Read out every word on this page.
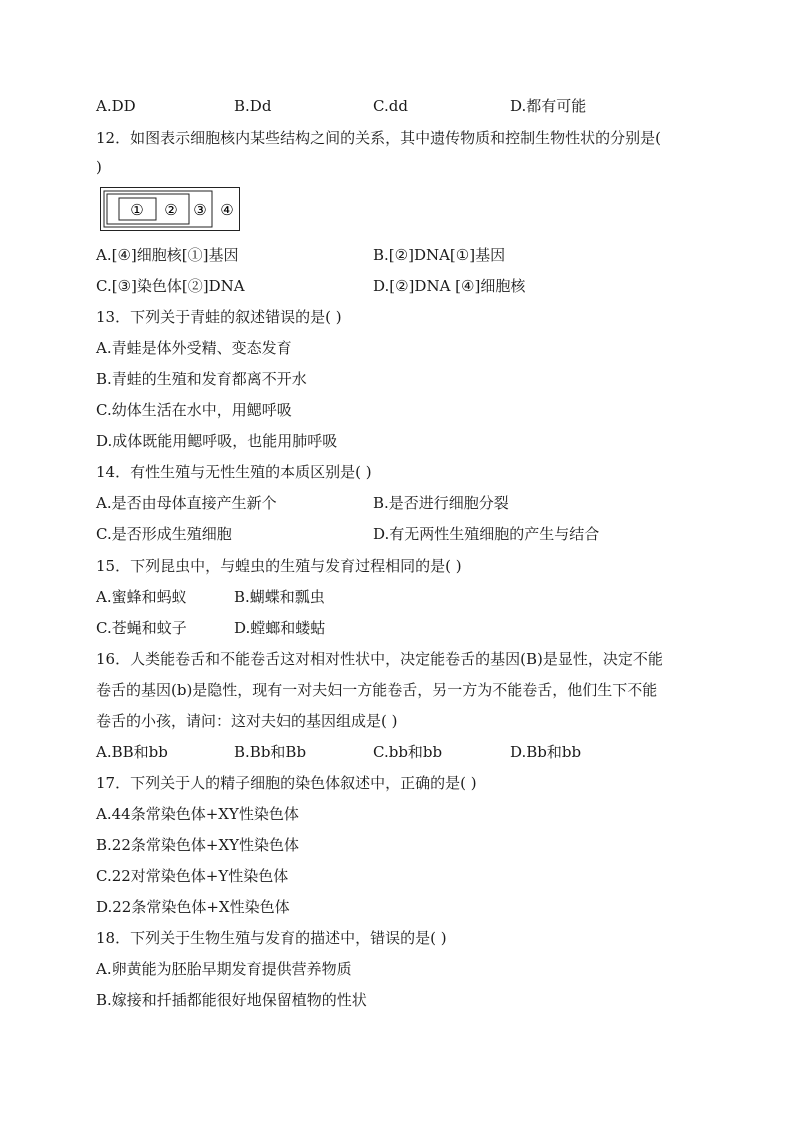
A.DD	B.Dd	C.dd	D.都有可能
12．如图表示细胞核内某些结构之间的关系，其中遗传物质和控制生物性状的分别是(
)
① ② ③ ④
A.[④]细胞核[①]基因	B.[②]DNA[①]基因
C.[③]染色体[②]DNA	D.[②]DNA [④]细胞核
13．下列关于青蛙的叙述错误的是( )
A.青蛙是体外受精、变态发育
B.青蛙的生殖和发育都离不开水
C.幼体生活在水中，用鳃呼吸
D.成体既能用鳃呼吸，也能用肺呼吸
14．有性生殖与无性生殖的本质区别是( )
A.是否由母体直接产生新个	B.是否进行细胞分裂
C.是否形成生殖细胞	D.有无两性生殖细胞的产生与结合
15．下列昆虫中，与蝗虫的生殖与发育过程相同的是( )
A.蜜蜂和蚂蚁	B.蝴蝶和瓢虫
C.苍蝇和蚊子	D.螳螂和蝼蛄
16．人类能卷舌和不能卷舌这对相对性状中，决定能卷舌的基因(B)是显性，决定不能
卷舌的基因(b)是隐性，现有一对夫妇一方能卷舌，另一方为不能卷舌，他们生下不能
卷舌的小孩，请问：这对夫妇的基因组成是( )
A.BB和bb	B.Bb和Bb	C.bb和bb	D.Bb和bb
17．下列关于人的精子细胞的染色体叙述中，正确的是( )
A.44条常染色体+XY性染色体
B.22条常染色体+XY性染色体
C.22对常染色体+Y性染色体
D.22条常染色体+X性染色体
18．下列关于生物生殖与发育的描述中，错误的是( )
A.卵黄能为胚胎早期发育提供营养物质
B.嫁接和扦插都能很好地保留植物的性状
